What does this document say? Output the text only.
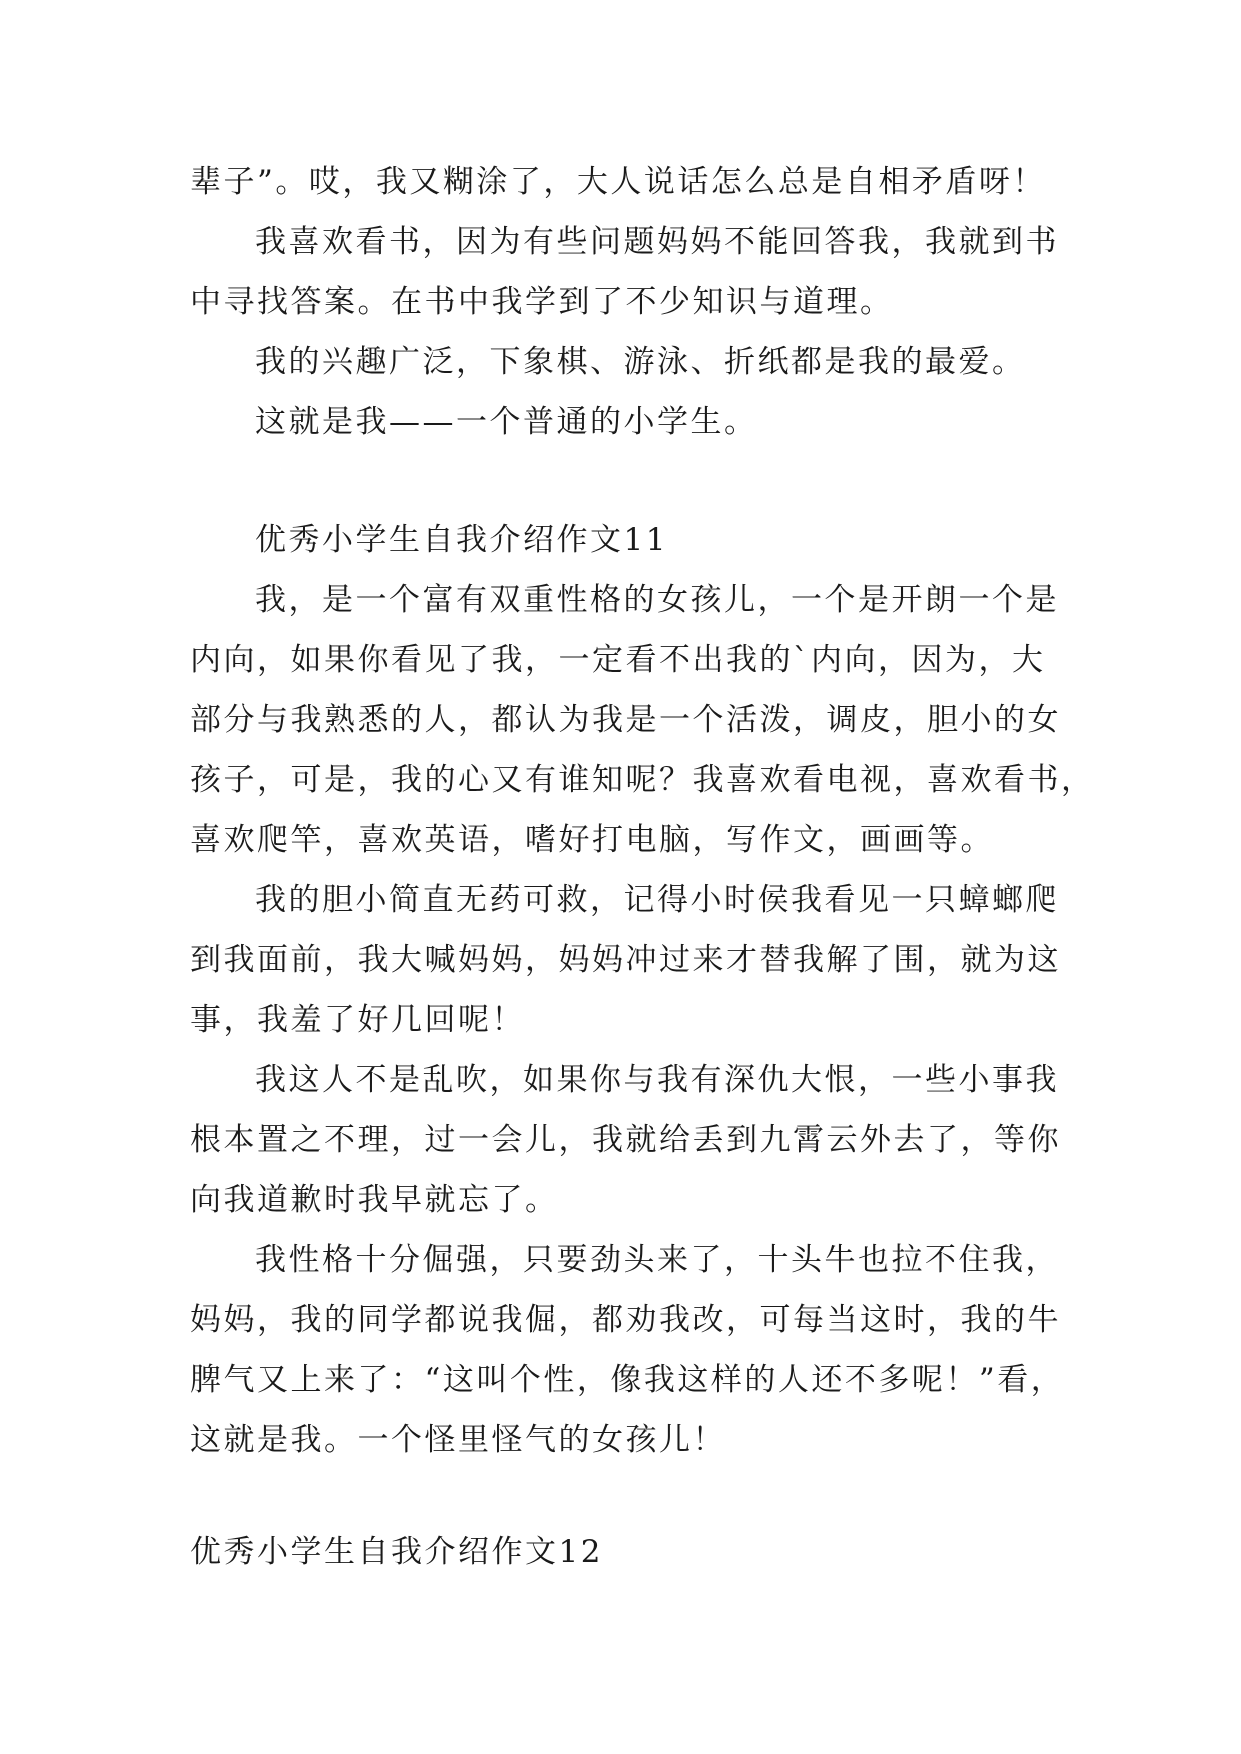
辈子”。哎，我又糊涂了，大人说话怎么总是自相矛盾呀！
我喜欢看书，因为有些问题妈妈不能回答我，我就到书
中寻找答案。在书中我学到了不少知识与道理。
我的兴趣广泛，下象棋、游泳、折纸都是我的最爱。
这就是我——一个普通的小学生。
优秀小学生自我介绍作文11
我，是一个富有双重性格的女孩儿，一个是开朗一个是
内向，如果你看见了我，一定看不出我的`内向，因为，大
部分与我熟悉的人，都认为我是一个活泼，调皮，胆小的女
孩子，可是，我的心又有谁知呢？我喜欢看电视，喜欢看书，
喜欢爬竿，喜欢英语，嗜好打电脑，写作文，画画等。
我的胆小简直无药可救，记得小时侯我看见一只蟑螂爬
到我面前，我大喊妈妈，妈妈冲过来才替我解了围，就为这
事，我羞了好几回呢！
我这人不是乱吹，如果你与我有深仇大恨，一些小事我
根本置之不理，过一会儿，我就给丢到九霄云外去了，等你
向我道歉时我早就忘了。
我性格十分倔强，只要劲头来了，十头牛也拉不住我，
妈妈，我的同学都说我倔，都劝我改，可每当这时，我的牛
脾气又上来了：“这叫个性，像我这样的人还不多呢！”看，
这就是我。一个怪里怪气的女孩儿！
优秀小学生自我介绍作文12
